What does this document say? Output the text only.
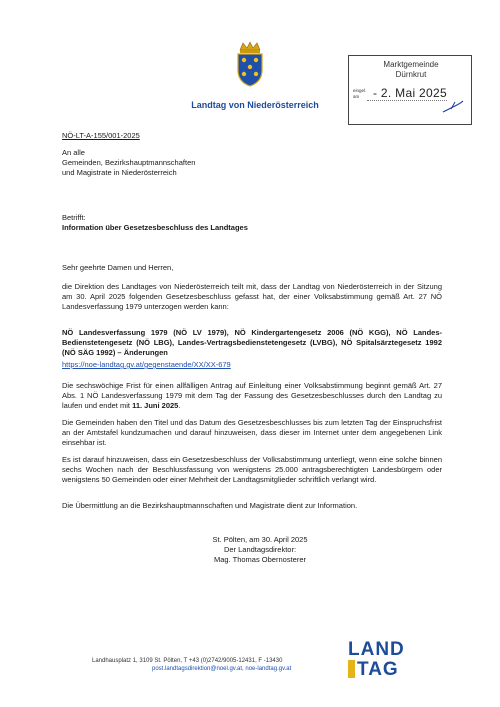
Landtag von Niederösterreich
Marktgemeinde
Dürnkrut
eingel.
am	- 2. Mai 2025
NÖ-LT-A-155/001-2025
An alle
Gemeinden, Bezirkshauptmannschaften
und Magistrate in Niederösterreich
Betrifft:
Information über Gesetzesbeschluss des Landtages
Sehr geehrte Damen und Herren,
die Direktion des Landtages von Niederösterreich teilt mit, dass der Landtag von Niederösterreich in der Sitzung am 30. April 2025 folgenden Gesetzesbeschluss gefasst hat, der einer Volksabstimmung gemäß Art. 27 NÖ Landesverfassung 1979 unterzogen werden kann:
NÖ Landesverfassung 1979 (NÖ LV 1979), NÖ Kindergartengesetz 2006 (NÖ KGG), NÖ Landes-Bedienstetengesetz (NÖ LBG), Landes-Vertragsbedienstetengesetz (LVBG), NÖ Spitalsärztegesetz 1992 (NÖ SÄG 1992) – Änderungen
https://noe-landtag.gv.at/gegenstaende/XX/XX-679
Die sechswöchige Frist für einen allfälligen Antrag auf Einleitung einer Volksabstimmung beginnt gemäß Art. 27 Abs. 1 NÖ Landesverfassung 1979 mit dem Tag der Fassung des Gesetzesbeschlusses durch den Landtag zu laufen und endet mit 11. Juni 2025.
Die Gemeinden haben den Titel und das Datum des Gesetzesbeschlusses bis zum letzten Tag der Einspruchsfrist an der Amtstafel kundzumachen und darauf hinzuweisen, dass dieser im Internet unter dem angegebenen Link einsehbar ist.
Es ist darauf hinzuweisen, dass ein Gesetzesbeschluss der Volksabstimmung unterliegt, wenn eine solche binnen sechs Wochen nach der Beschlussfassung von wenigstens 25.000 antragsberechtigten Landesbürgern oder wenigstens 50 Gemeinden oder einer Mehrheit der Landtagsmitglieder schriftlich verlangt wird.
Die Übermittlung an die Bezirkshauptmannschaften und Magistrate dient zur Information.
St. Pölten, am 30. April 2025
Der Landtagsdirektor:
Mag. Thomas Obernosterer
Landhausplatz 1, 3109 St. Pölten, T +43 (0)2742/9005-12431, F -13430
post.landtagsdirektion@noel.gv.at, noe-landtag.gv.at
LAND
TAG
